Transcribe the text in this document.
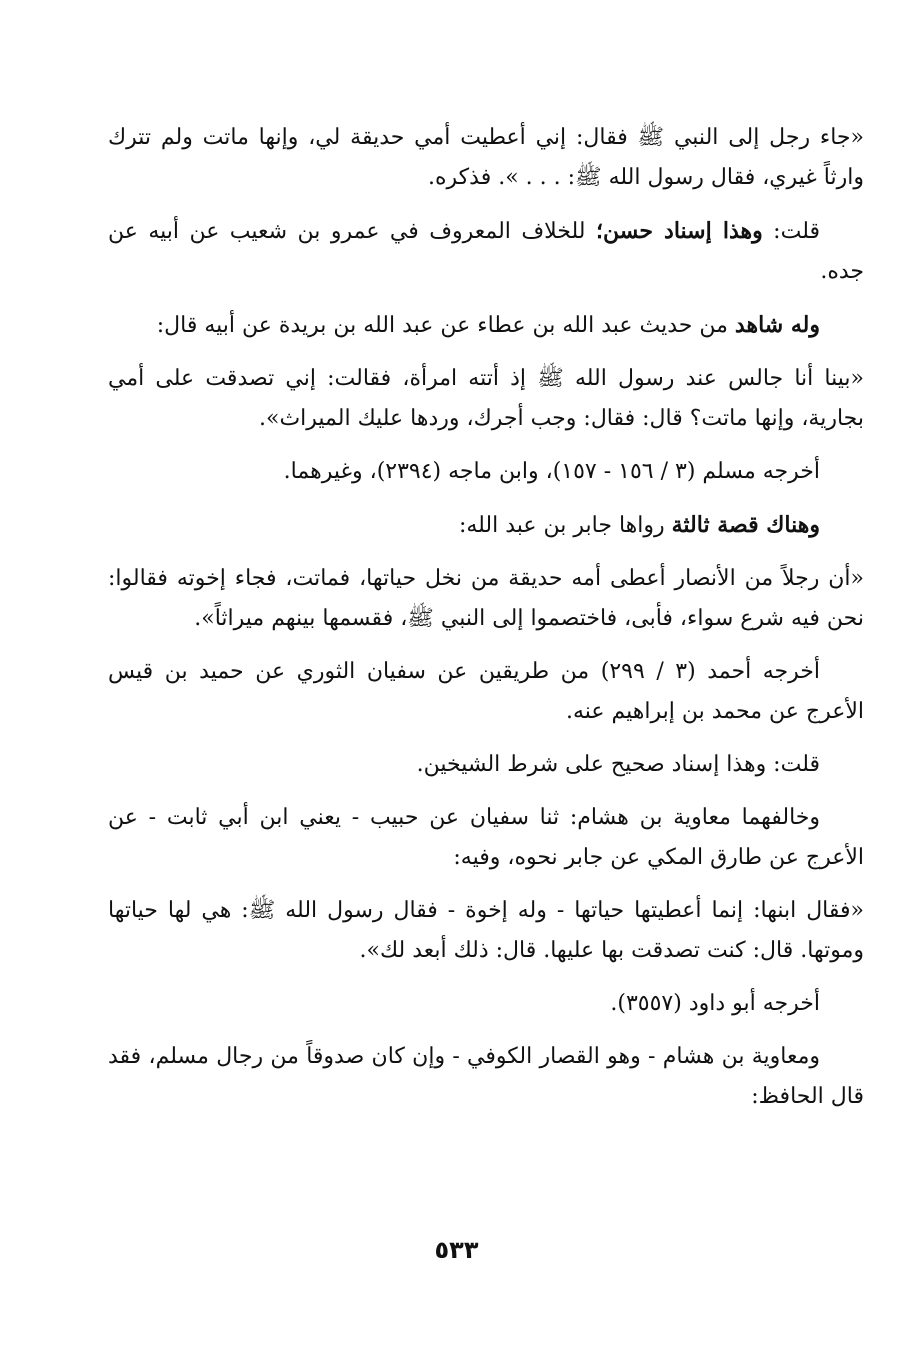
«جاء رجل إلى النبي ﷺ فقال: إني أعطيت أمي حديقة لي، وإنها ماتت ولم تترك وارثاً غيري، فقال رسول الله ﷺ: . . . ». فذكره.

قلت: وهذا إسناد حسن؛ للخلاف المعروف في عمرو بن شعيب عن أبيه عن جده.

وله شاهد من حديث عبد الله بن عطاء عن عبد الله بن بريدة عن أبيه قال:

«بينا أنا جالس عند رسول الله ﷺ إذ أتته امرأة، فقالت: إني تصدقت على أمي بجارية، وإنها ماتت؟ قال: فقال: وجب أجرك، وردها عليك الميراث».

أخرجه مسلم (٣ / ١٥٦ - ١٥٧)، وابن ماجه (٢٣٩٤)، وغيرهما.

وهناك قصة ثالثة رواها جابر بن عبد الله:

«أن رجلاً من الأنصار أعطى أمه حديقة من نخل حياتها، فماتت، فجاء إخوته فقالوا: نحن فيه شرع سواء، فأبى، فاختصموا إلى النبي ﷺ، فقسمها بينهم ميراثاً».

أخرجه أحمد (٣ / ٢٩٩) من طريقين عن سفيان الثوري عن حميد بن قيس الأعرج عن محمد بن إبراهيم عنه.

قلت: وهذا إسناد صحيح على شرط الشيخين.

وخالفهما معاوية بن هشام: ثنا سفيان عن حبيب - يعني ابن أبي ثابت - عن الأعرج عن طارق المكي عن جابر نحوه، وفيه:

«فقال ابنها: إنما أعطيتها حياتها - وله إخوة - فقال رسول الله ﷺ: هي لها حياتها وموتها. قال: كنت تصدقت بها عليها. قال: ذلك أبعد لك».

أخرجه أبو داود (٣٥٥٧).

ومعاوية بن هشام - وهو القصار الكوفي - وإن كان صدوقاً من رجال مسلم، فقد قال الحافظ:

٥٣٣
